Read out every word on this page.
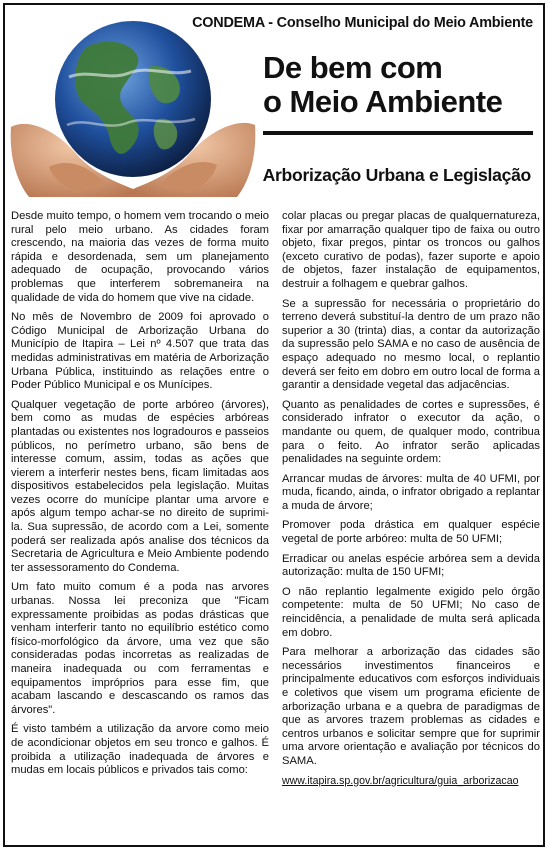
CONDEMA - Conselho Municipal do Meio Ambiente
De bem com
o Meio Ambiente
Arborização Urbana e Legislação

Desde muito tempo, o homem vem trocando o meio rural pelo meio urbano. As cidades foram crescendo, na maioria das vezes de forma muito rápida e desordenada, sem um planejamento adequado de ocupação, provocando vários problemas que interferem sobremaneira na qualidade de vida do homem que vive na cidade.

No mês de Novembro de 2009 foi aprovado o Código Municipal de Arborização Urbana do Município de Itapira – Lei nº 4.507 que trata das medidas administrativas em matéria de Arborização Urbana Pública, instituindo as relações entre o Poder Público Municipal e os Munícipes.

Qualquer vegetação de porte arbóreo (árvores), bem como as mudas de espécies arbóreas plantadas ou existentes nos logradouros e passeios públicos, no perímetro urbano, são bens de interesse comum, assim, todas as ações que vierem a interferir nestes bens, ficam limitadas aos dispositivos estabelecidos pela legislação. Muitas vezes ocorre do munícipe plantar uma arvore e após algum tempo achar-se no direito de suprimi-la. Sua supressão, de acordo com a Lei, somente poderá ser realizada após analise dos técnicos da Secretaria de Agricultura e Meio Ambiente podendo ter assessoramento do Condema.

Um fato muito comum é a poda nas arvores urbanas. Nossa lei preconiza que "Ficam expressamente proibidas as podas drásticas que venham interferir tanto no equilíbrio estético como físico-morfológico da árvore, uma vez que são consideradas podas incorretas as realizadas de maneira inadequada ou com ferramentas e equipamentos impróprios para esse fim, que acabam lascando e descascando os ramos das árvores".

É visto também a utilização da arvore como meio de acondicionar objetos em seu tronco e galhos. É proibida a utilização inadequada de árvores e mudas em locais públicos e privados tais como:

colar placas ou pregar placas de qualquernatureza, fixar por amarração qualquer tipo de faixa ou outro objeto, fixar pregos, pintar os troncos ou galhos (exceto curativo de podas), fazer suporte e apoio de objetos, fazer instalação de equipamentos, destruir a folhagem e quebrar galhos.

Se a supressão for necessária o proprietário do terreno deverá substituí-la dentro de um prazo não superior a 30 (trinta) dias, a contar da autorização da supressão pelo SAMA e no caso de ausência de espaço adequado no mesmo local, o replantio deverá ser feito em dobro em outro local de forma a garantir a densidade vegetal das adjacências.

Quanto as penalidades de cortes e supressões, é considerado infrator o executor da ação, o mandante ou quem, de qualquer modo, contribua para o feito. Ao infrator serão aplicadas penalidades na seguinte ordem:

Arrancar mudas de árvores: multa de 40 UFMI, por muda, ficando, ainda, o infrator obrigado a replantar a muda de árvore;

Promover poda drástica em qualquer espécie vegetal de porte arbóreo: multa de 50 UFMI;

Erradicar ou anelas espécie arbórea sem a devida autorização: multa de 150 UFMI;

O não replantio legalmente exigido pelo órgão competente: multa de 50 UFMI; No caso de reincidência, a penalidade de multa será aplicada em dobro.

Para melhorar a arborização das cidades são necessários investimentos financeiros e principalmente educativos com esforços individuais e coletivos que visem um programa eficiente de arborização urbana e a quebra de paradigmas de que as arvores trazem problemas as cidades e centros urbanos e solicitar sempre que for suprimir uma arvore orientação e avaliação por técnicos do SAMA.

www.itapira.sp.gov.br/agricultura/guia_arborizacao
